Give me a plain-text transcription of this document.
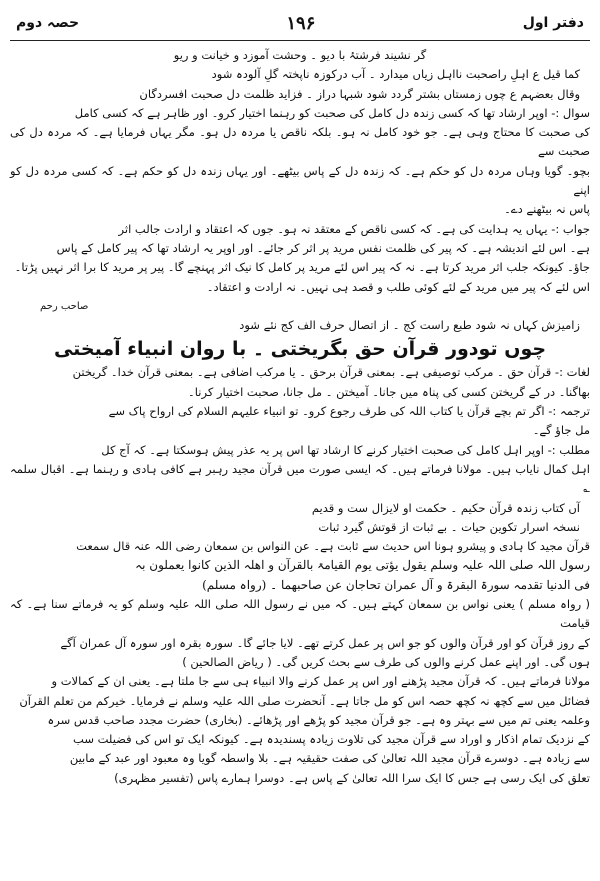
دفتر اول
۱۹۶
حصہ دوم

گر نشیند فرشتۂ با دیو ۔ وحشت آموزد و خیانت و ریو

کما قیل ع اہلِ راصحبت نااہل زیاں میدارد ۔ آب درکوزہ ناپختہ گلِ آلودہ شود

وقال بعضہم ع چوں زمستاں بشتر گردد شود شبہا دراز ۔ فزاید ظلمت دل صحبت افسردگان

سوال :- اوپر ارشاد تھا کہ کسی زندہ دل کامل کی صحبت کو رہنما اختیار کرو۔ اور ظاہر ہے کہ کسی کامل

کی صحبت کا محتاج وہی ہے۔ جو خود کامل نہ ہو۔ بلکہ ناقص یا مردہ دل ہو۔ مگر یہاں فرمایا ہے۔ کہ مردہ دل کی صحبت سے

بچو۔ گویا وہاں مردہ دل کو حکم ہے۔ کہ زندہ دل کے پاس بیٹھے۔ اور یہاں زندہ دل کو حکم ہے۔ کہ کسی مردہ دل کو اپنے

پاس نہ بیٹھنے دے۔

جواب :- یہاں یہ ہدایت کی ہے۔ کہ کسی ناقص کے معتقد نہ ہو۔ جوں کہ اعتقاد و ارادت جالب اثر

ہے۔ اس لئے اندیشہ ہے۔ کہ پیر کی ظلمت نفس مرید پر اثر کر جائے۔ اور اوپر یہ ارشاد تھا کہ پیر کامل کے پاس

جاؤ۔ کیونکہ جلب اثر مرید کرتا ہے۔ نہ کہ پیر اس لئے مرید پر کامل کا نیک اثر پہنچے گا۔ پیر پر مرید کا برا اثر نہیں پڑتا۔

اس لئے کہ پیر میں مرید کے لئے کوئی طلب و قصد ہی نہیں۔ نہ ارادت و اعتقاد۔

صاحب رحم

زامیزش کہاں نہ شود طبع راست کج ۔ از اتصال حرف الف کج نئے شود

چوں تودور قرآن حق بگریختی ۔ با روان انبیاء آمیختی

لغات :- قرآن حق ۔ مرکب توصیفی ہے۔ بمعنی قرآن برحق ۔ یا مرکب اضافی ہے۔ بمعنی قرآن خدا۔ گریختن

بھاگنا۔ در کے گریختن کسی کی پناہ میں جانا۔ آمیختن ۔ مل جانا، صحبت اختیار کرنا۔

ترجمہ :- اگر تم بچے قرآن یا کتاب اللہ کی طرف رجوع کرو۔ تو انبیاء علیہم السلام کی ارواح پاک سے

مل جاؤ گے۔

مطلب :- اوپر اہل کامل کی صحبت اختیار کرنے کا ارشاد تھا اس پر یہ عذر پیش ہوسکتا ہے۔ کہ آج کل

اہل کمال نایاب ہیں۔ مولانا فرماتے ہیں۔ کہ ایسی صورت میں قرآن مجید رہبر ہے کافی ہادی و رہنما ہے۔ اقبال سلمہ ؎

آں کتاب زندہ قرآن حکیم ۔ حکمت او لایزال ست و قدیم

نسخہ اسرار تکوین حیات ۔ بے ثبات از قوتش گیرد ثبات

قرآن مجید کا ہادی و پیشرو ہونا اس حدیث سے ثابت ہے۔ عن النواس بن سمعان رضی اللہ عنہ قال سمعت

رسول اللہ صلی اللہ علیہ وسلم یقول یؤتی یوم القیامۃ بالقرآن و اھلہ الذین کانوا یعملون بہ

فی الدنیا تقدمہ سورۃ البقرۃ و آل عمران تحاجان عن صاحبھما ۔ (رواہ مسلم)

( رواہ مسلم ) یعنی نواس بن سمعان کہتے ہیں۔ کہ میں نے رسول اللہ صلی اللہ علیہ وسلم کو یہ فرماتے سنا ہے۔ کہ قیامت

کے روز قرآن کو اور قرآن والوں کو جو اس پر عمل کرتے تھے۔ لایا جائے گا۔ سورہ بقرہ اور سورہ آل عمران آگے

ہوں گی۔ اور اپنے عمل کرنے والوں کی طرف سے بحث کریں گی۔ ( ریاض الصالحین )

مولانا فرماتے ہیں۔ کہ قرآن مجید پڑھنے اور اس پر عمل کرنے والا انبیاء ہی سے جا ملتا ہے۔ یعنی ان کے کمالات و

فضائل میں سے کچھ نہ کچھ حصہ اس کو مل جاتا ہے۔ آنحضرت صلی اللہ علیہ وسلم نے فرمایا۔ خیرکم من تعلم القرآن

وعلمہ یعنی تم میں سے بہتر وہ ہے۔ جو قرآن مجید کو پڑھے اور پڑھائے۔ (بخاری) حضرت مجدد صاحب قدس سرہ

کے نزدیک تمام اذکار و اوراد سے قرآن مجید کی تلاوت زیادہ پسندیدہ ہے۔ کیونکہ ایک تو اس کی فضیلت سب

سے زیادہ ہے۔ دوسرے قرآن مجید اللہ تعالیٰ کی صفت حقیقیہ ہے۔ بلا واسطہ گویا وہ معبود اور عبد کے مابین

تعلق کی ایک رسی ہے جس کا ایک سرا اللہ تعالیٰ کے پاس ہے۔ دوسرا ہمارے پاس (تفسیر مظہری)
